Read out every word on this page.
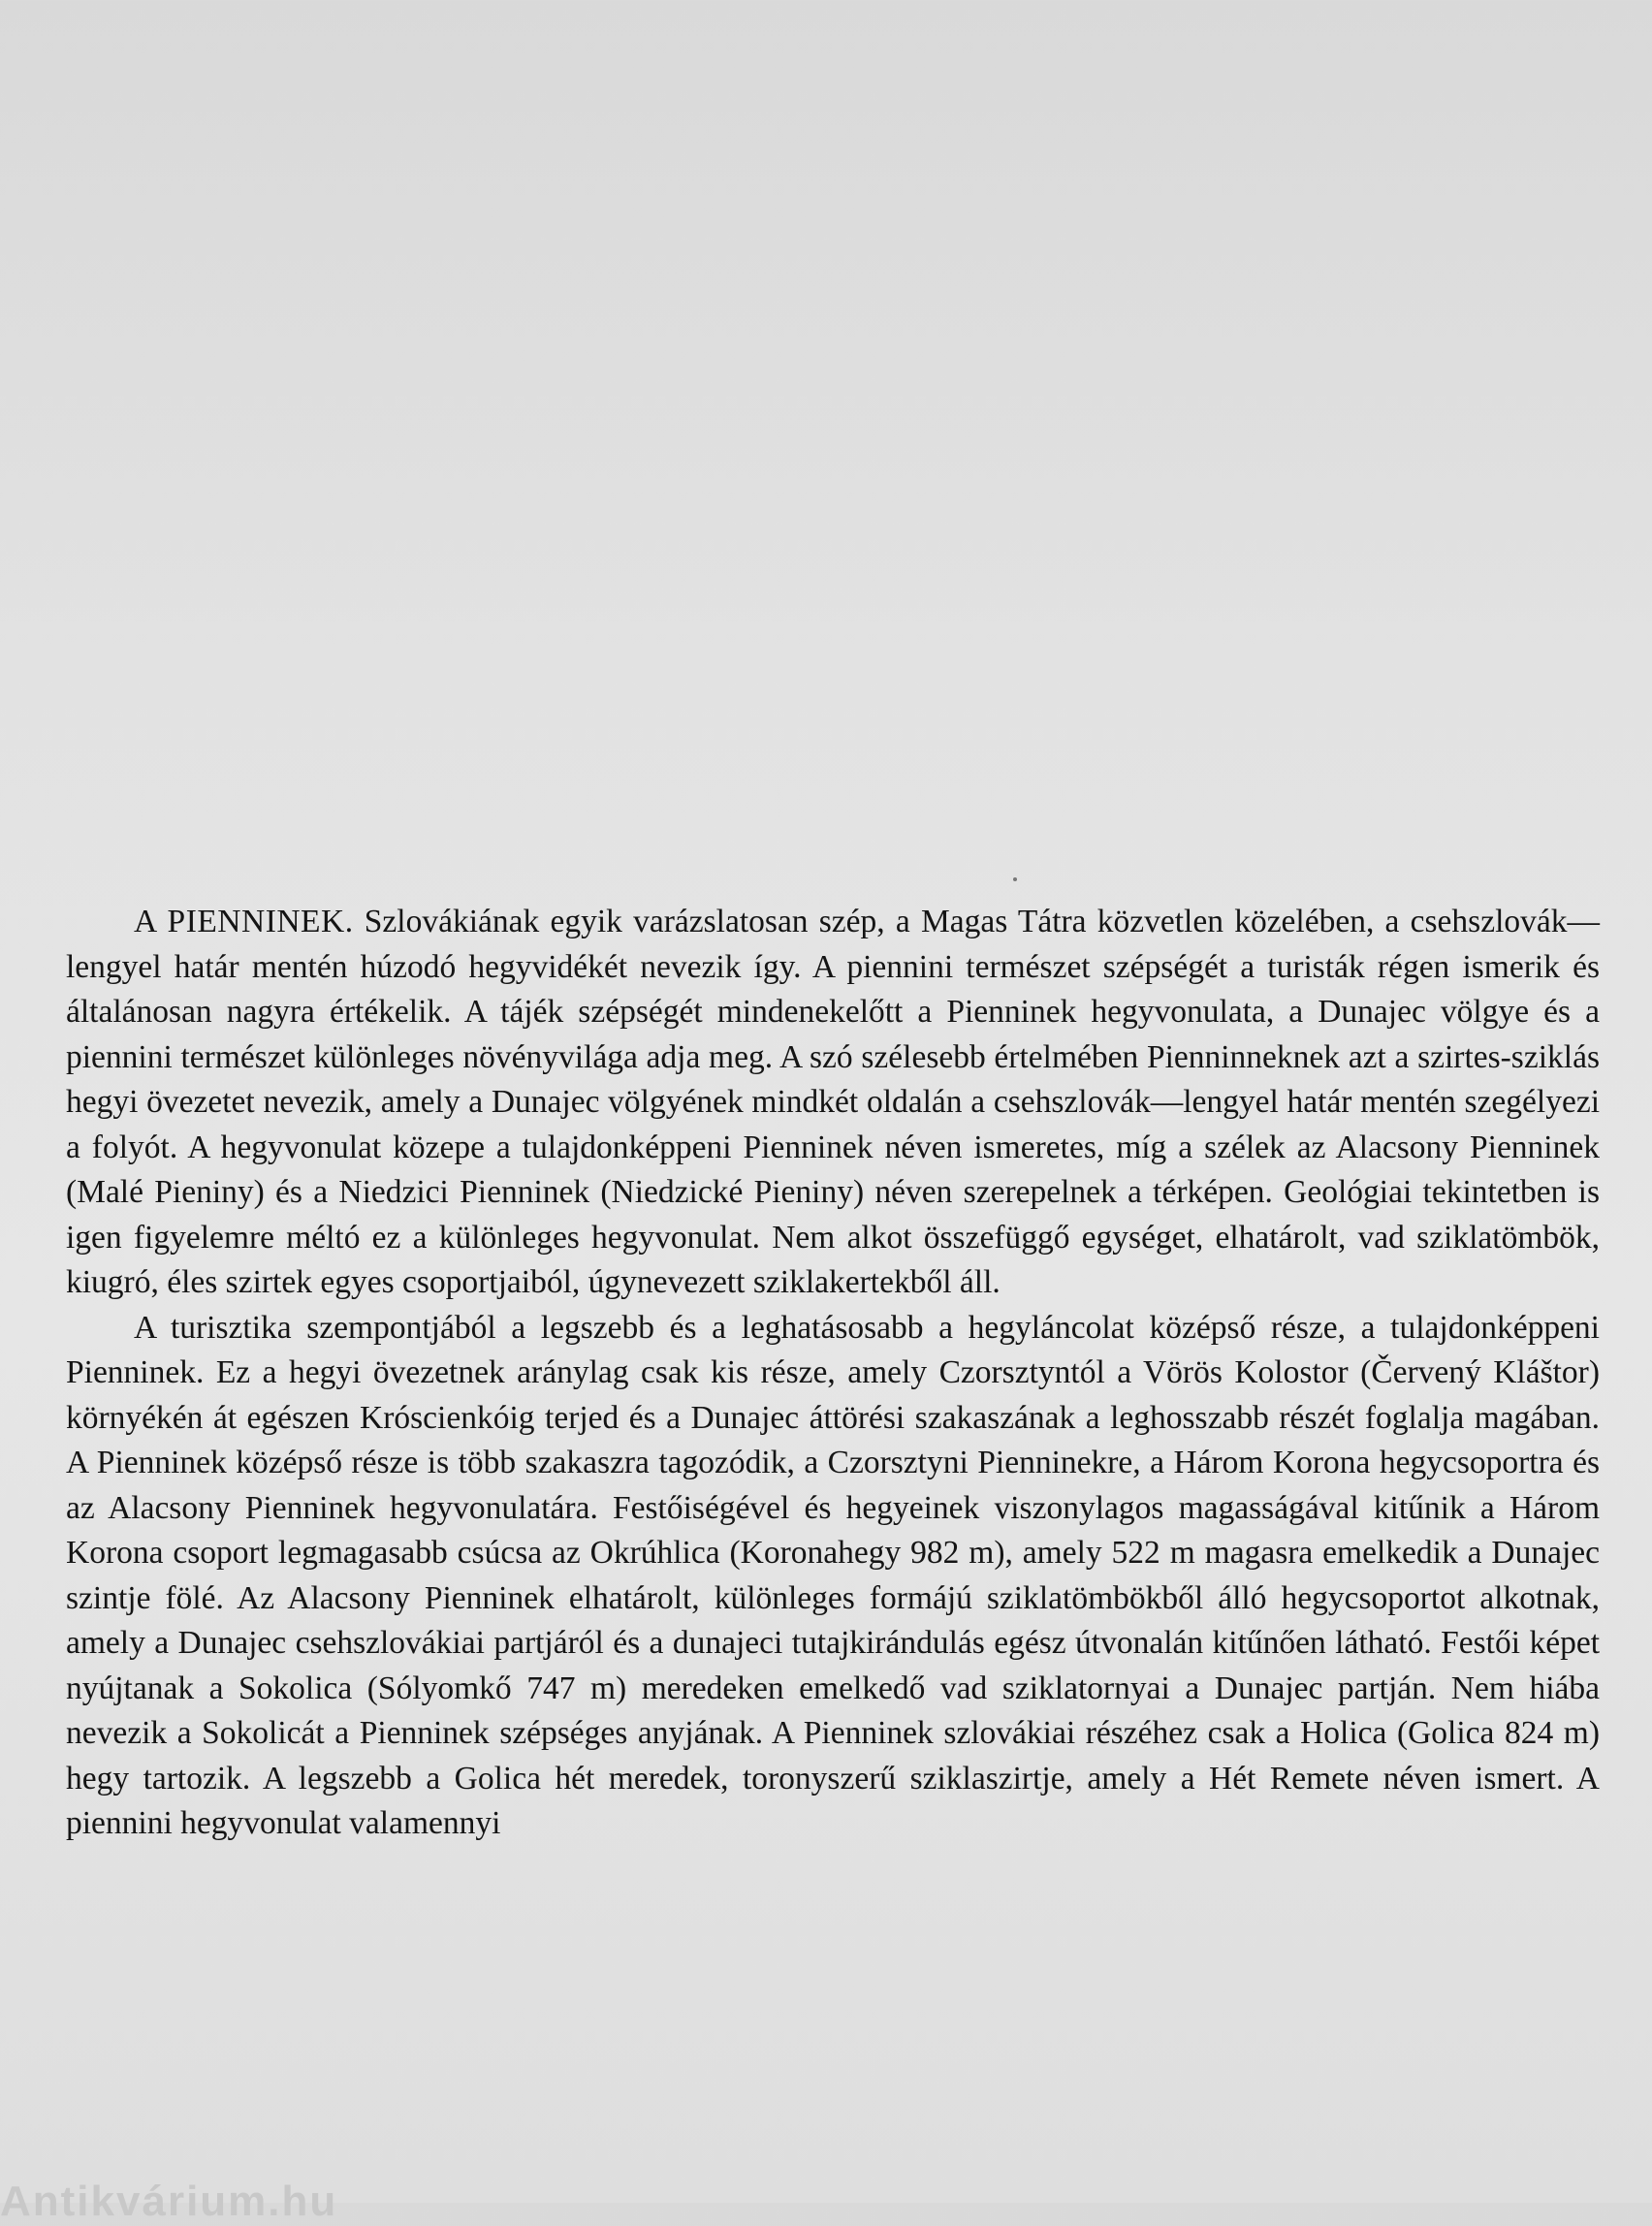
A PIENNINEK. Szlovákiának egyik varázslatosan szép, a Magas Tátra közvetlen közelében, a csehszlovák—lengyel határ mentén húzodó hegyvidékét nevezik így. A piennini természet szépségét a turisták régen ismerik és általánosan nagyra értékelik. A tájék szépségét mindenekelőtt a Pienninek hegyvonulata, a Dunajec völgye és a piennini természet különleges növényvilága adja meg. A szó szélesebb értelmében Pienninneknek azt a szirtes-sziklás hegyi övezetet nevezik, amely a Dunajec völgyének mindkét oldalán a csehszlovák—lengyel határ mentén szegélyezi a folyót. A hegyvonulat közepe a tulajdonképpeni Pienninek néven ismeretes, míg a szélek az Alacsony Pienninek (Malé Pieniny) és a Niedzici Pienninek (Niedzické Pieniny) néven szerepelnek a térképen. Geológiai tekintetben is igen figyelemre méltó ez a különleges hegyvonulat. Nem alkot összefüggő egységet, elhatárolt, vad sziklatömbök, kiugró, éles szirtek egyes csoportjaiból, úgynevezett sziklakertekből áll.

A turisztika szempontjából a legszebb és a leghatásosabb a hegyláncolat középső része, a tulajdonképpeni Pienninek. Ez a hegyi övezetnek aránylag csak kis része, amely Czorsztyntól a Vörös Kolostor (Červený Kláštor) környékén át egészen Króscienkóig terjed és a Dunajec áttörési szakaszának a leghosszabb részét foglalja magában. A Pienninek középső része is több szakaszra tagozódik, a Czorsztyni Pienninekre, a Három Korona hegycsoportra és az Alacsony Pienninek hegyvonulatára. Festőiségével és hegyeinek viszonylagos magasságával kitűnik a Három Korona csoport legmagasabb csúcsa az Okrúhlica (Koronahegy 982 m), amely 522 m magasra emelkedik a Dunajec szintje fölé. Az Alacsony Pienninek elhatárolt, különleges formájú sziklatömbökből álló hegycsoportot alkotnak, amely a Dunajec csehszlovákiai partjáról és a dunajeci tutajkirándulás egész útvonalán kitűnően látható. Festői képet nyújtanak a Sokolica (Sólyomkő 747 m) meredeken emelkedő vad sziklatornyai a Dunajec partján. Nem hiába nevezik a Sokolicát a Pienninek szépséges anyjának. A Pienninek szlovákiai részéhez csak a Holica (Golica 824 m) hegy tartozik. A legszebb a Golica hét meredek, toronyszerű sziklaszirtje, amely a Hét Remete néven ismert. A piennini hegyvonulat valamennyi

Antikvárium.hu
